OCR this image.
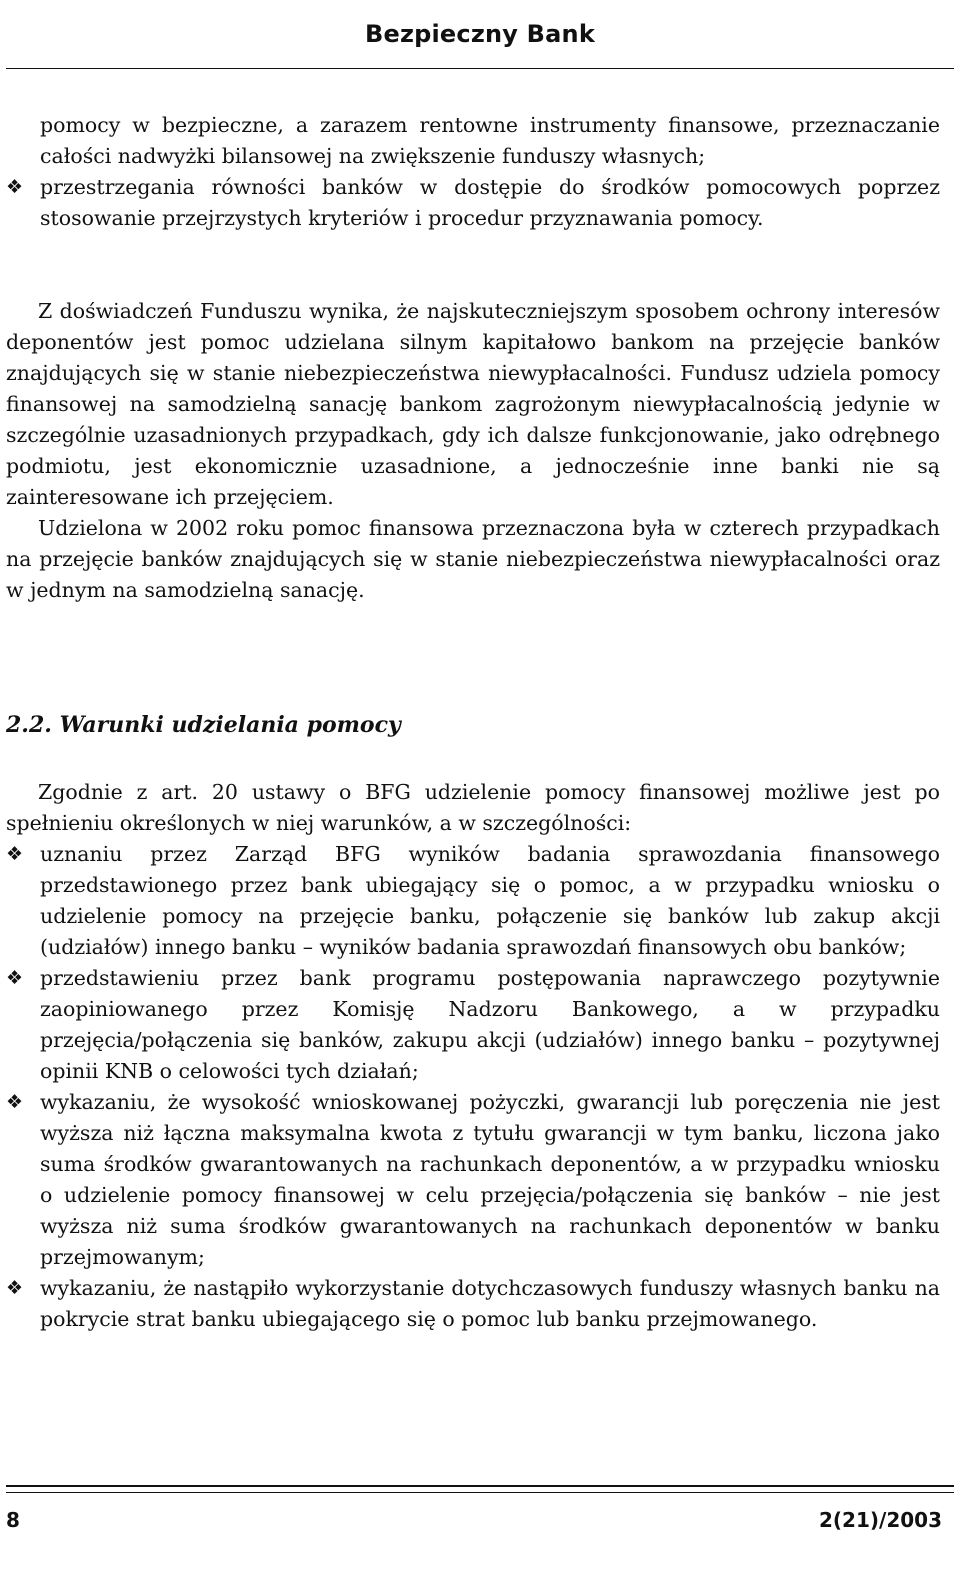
Bezpieczny Bank

pomocy w bezpieczne, a zarazem rentowne instrumenty finansowe, przeznaczanie całości nadwyżki bilansowej na zwiększenie funduszy własnych;

❖ przestrzegania równości banków w dostępie do środków pomocowych poprzez stosowanie przejrzystych kryteriów i procedur przyznawania pomocy.

Z doświadczeń Funduszu wynika, że najskuteczniejszym sposobem ochrony interesów deponentów jest pomoc udzielana silnym kapitałowo bankom na przejęcie banków znajdujących się w stanie niebezpieczeństwa niewypłacalności. Fundusz udziela pomocy finansowej na samodzielną sanację bankom zagrożonym niewypłacalnością jedynie w szczególnie uzasadnionych przypadkach, gdy ich dalsze funkcjonowanie, jako odrębnego podmiotu, jest ekonomicznie uzasadnione, a jednocześnie inne banki nie są zainteresowane ich przejęciem.

Udzielona w 2002 roku pomoc finansowa przeznaczona była w czterech przypadkach na przejęcie banków znajdujących się w stanie niebezpieczeństwa niewypłacalności oraz w jednym na samodzielną sanację.

2.2. Warunki udzielania pomocy

Zgodnie z art. 20 ustawy o BFG udzielenie pomocy finansowej możliwe jest po spełnieniu określonych w niej warunków, a w szczególności:

❖ uznaniu przez Zarząd BFG wyników badania sprawozdania finansowego przedstawionego przez bank ubiegający się o pomoc, a w przypadku wniosku o udzielenie pomocy na przejęcie banku, połączenie się banków lub zakup akcji (udziałów) innego banku – wyników badania sprawozdań finansowych obu banków;
❖ przedstawieniu przez bank programu postępowania naprawczego pozytywnie zaopiniowanego przez Komisję Nadzoru Bankowego, a w przypadku przejęcia/połączenia się banków, zakupu akcji (udziałów) innego banku – pozytywnej opinii KNB o celowości tych działań;
❖ wykazaniu, że wysokość wnioskowanej pożyczki, gwarancji lub poręczenia nie jest wyższa niż łączna maksymalna kwota z tytułu gwarancji w tym banku, liczona jako suma środków gwarantowanych na rachunkach deponentów, a w przypadku wniosku o udzielenie pomocy finansowej w celu przejęcia/połączenia się banków – nie jest wyższa niż suma środków gwarantowanych na rachunkach deponentów w banku przejmowanym;
❖ wykazaniu, że nastąpiło wykorzystanie dotychczasowych funduszy własnych banku na pokrycie strat banku ubiegającego się o pomoc lub banku przejmowanego.
8	2(21)/2003
